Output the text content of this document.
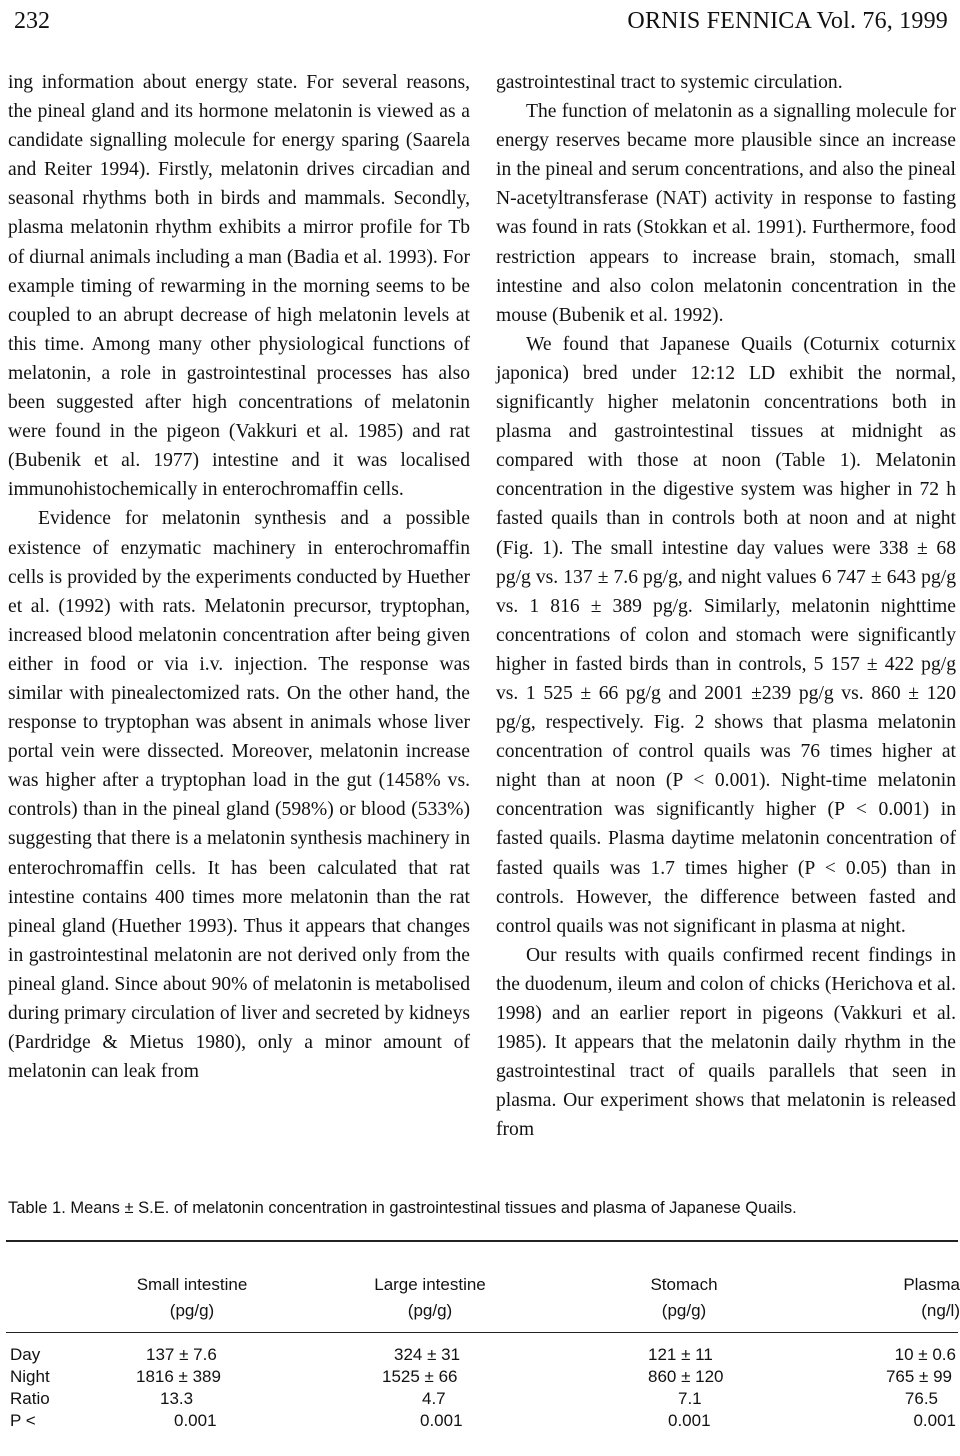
232	ORNIS FENNICA Vol. 76, 1999

ing information about energy state. For several reasons, the pineal gland and its hormone melatonin is viewed as a candidate signalling molecule for energy sparing (Saarela and Reiter 1994). Firstly, melatonin drives circadian and seasonal rhythms both in birds and mammals. Secondly, plasma melatonin rhythm exhibits a mirror profile for Tb of diurnal animals including a man (Badia et al. 1993). For example timing of rewarming in the morning seems to be coupled to an abrupt decrease of high melatonin levels at this time. Among many other physiological functions of melatonin, a role in gastrointestinal processes has also been suggested after high concentrations of melatonin were found in the pigeon (Vakkuri et al. 1985) and rat (Bubenik et al. 1977) intestine and it was localised immunohistochemically in enterochromaffin cells.

Evidence for melatonin synthesis and a possible existence of enzymatic machinery in enterochromaffin cells is provided by the experiments conducted by Huether et al. (1992) with rats. Melatonin precursor, tryptophan, increased blood melatonin concentration after being given either in food or via i.v. injection. The response was similar with pinealectomized rats. On the other hand, the response to tryptophan was absent in animals whose liver portal vein were dissected. Moreover, melatonin increase was higher after a tryptophan load in the gut (1458% vs. controls) than in the pineal gland (598%) or blood (533%) suggesting that there is a melatonin synthesis machinery in enterochromaffin cells. It has been calculated that rat intestine contains 400 times more melatonin than the rat pineal gland (Huether 1993). Thus it appears that changes in gastrointestinal melatonin are not derived only from the pineal gland. Since about 90% of melatonin is metabolised during primary circulation of liver and secreted by kidneys (Pardridge & Mietus 1980), only a minor amount of melatonin can leak from

gastrointestinal tract to systemic circulation.

The function of melatonin as a signalling molecule for energy reserves became more plausible since an increase in the pineal and serum concentrations, and also the pineal N-acetyltransferase (NAT) activity in response to fasting was found in rats (Stokkan et al. 1991). Furthermore, food restriction appears to increase brain, stomach, small intestine and also colon melatonin concentration in the mouse (Bubenik et al. 1992).

We found that Japanese Quails (Coturnix coturnix japonica) bred under 12:12 LD exhibit the normal, significantly higher melatonin concentrations both in plasma and gastrointestinal tissues at midnight as compared with those at noon (Table 1). Melatonin concentration in the digestive system was higher in 72 h fasted quails than in controls both at noon and at night (Fig. 1). The small intestine day values were 338 ± 68 pg/g vs. 137 ± 7.6 pg/g, and night values 6 747 ± 643 pg/g vs. 1 816 ± 389 pg/g. Similarly, melatonin nighttime concentrations of colon and stomach were significantly higher in fasted birds than in controls, 5 157 ± 422 pg/g vs. 1 525 ± 66 pg/g and 2001 ±239 pg/g vs. 860 ± 120 pg/g, respectively. Fig. 2 shows that plasma melatonin concentration of control quails was 76 times higher at night than at noon (P < 0.001). Night-time melatonin concentration was significantly higher (P < 0.001) in fasted quails. Plasma daytime melatonin concentration of fasted quails was 1.7 times higher (P < 0.05) than in controls. However, the difference between fasted and control quails was not significant in plasma at night.

Our results with quails confirmed recent findings in the duodenum, ileum and colon of chicks (Herichova et al. 1998) and an earlier report in pigeons (Vakkuri et al. 1985). It appears that the melatonin daily rhythm in the gastrointestinal tract of quails parallels that seen in plasma. Our experiment shows that melatonin is released from

Table 1. Means ± S.E. of melatonin concentration in gastrointestinal tissues and plasma of Japanese Quails.
Small intestine
(pg/g)
Large intestine
(pg/g)
Stomach
(pg/g)
Plasma
(ng/l)
Day
Night
Ratio
P <
137 ± 7.6
1816 ± 389
13.3
0.001
324 ± 31
1525 ± 66
4.7
0.001
121 ± 11
860 ± 120
7.1
0.001
10 ± 0.6
765 ± 99
76.5
0.001
